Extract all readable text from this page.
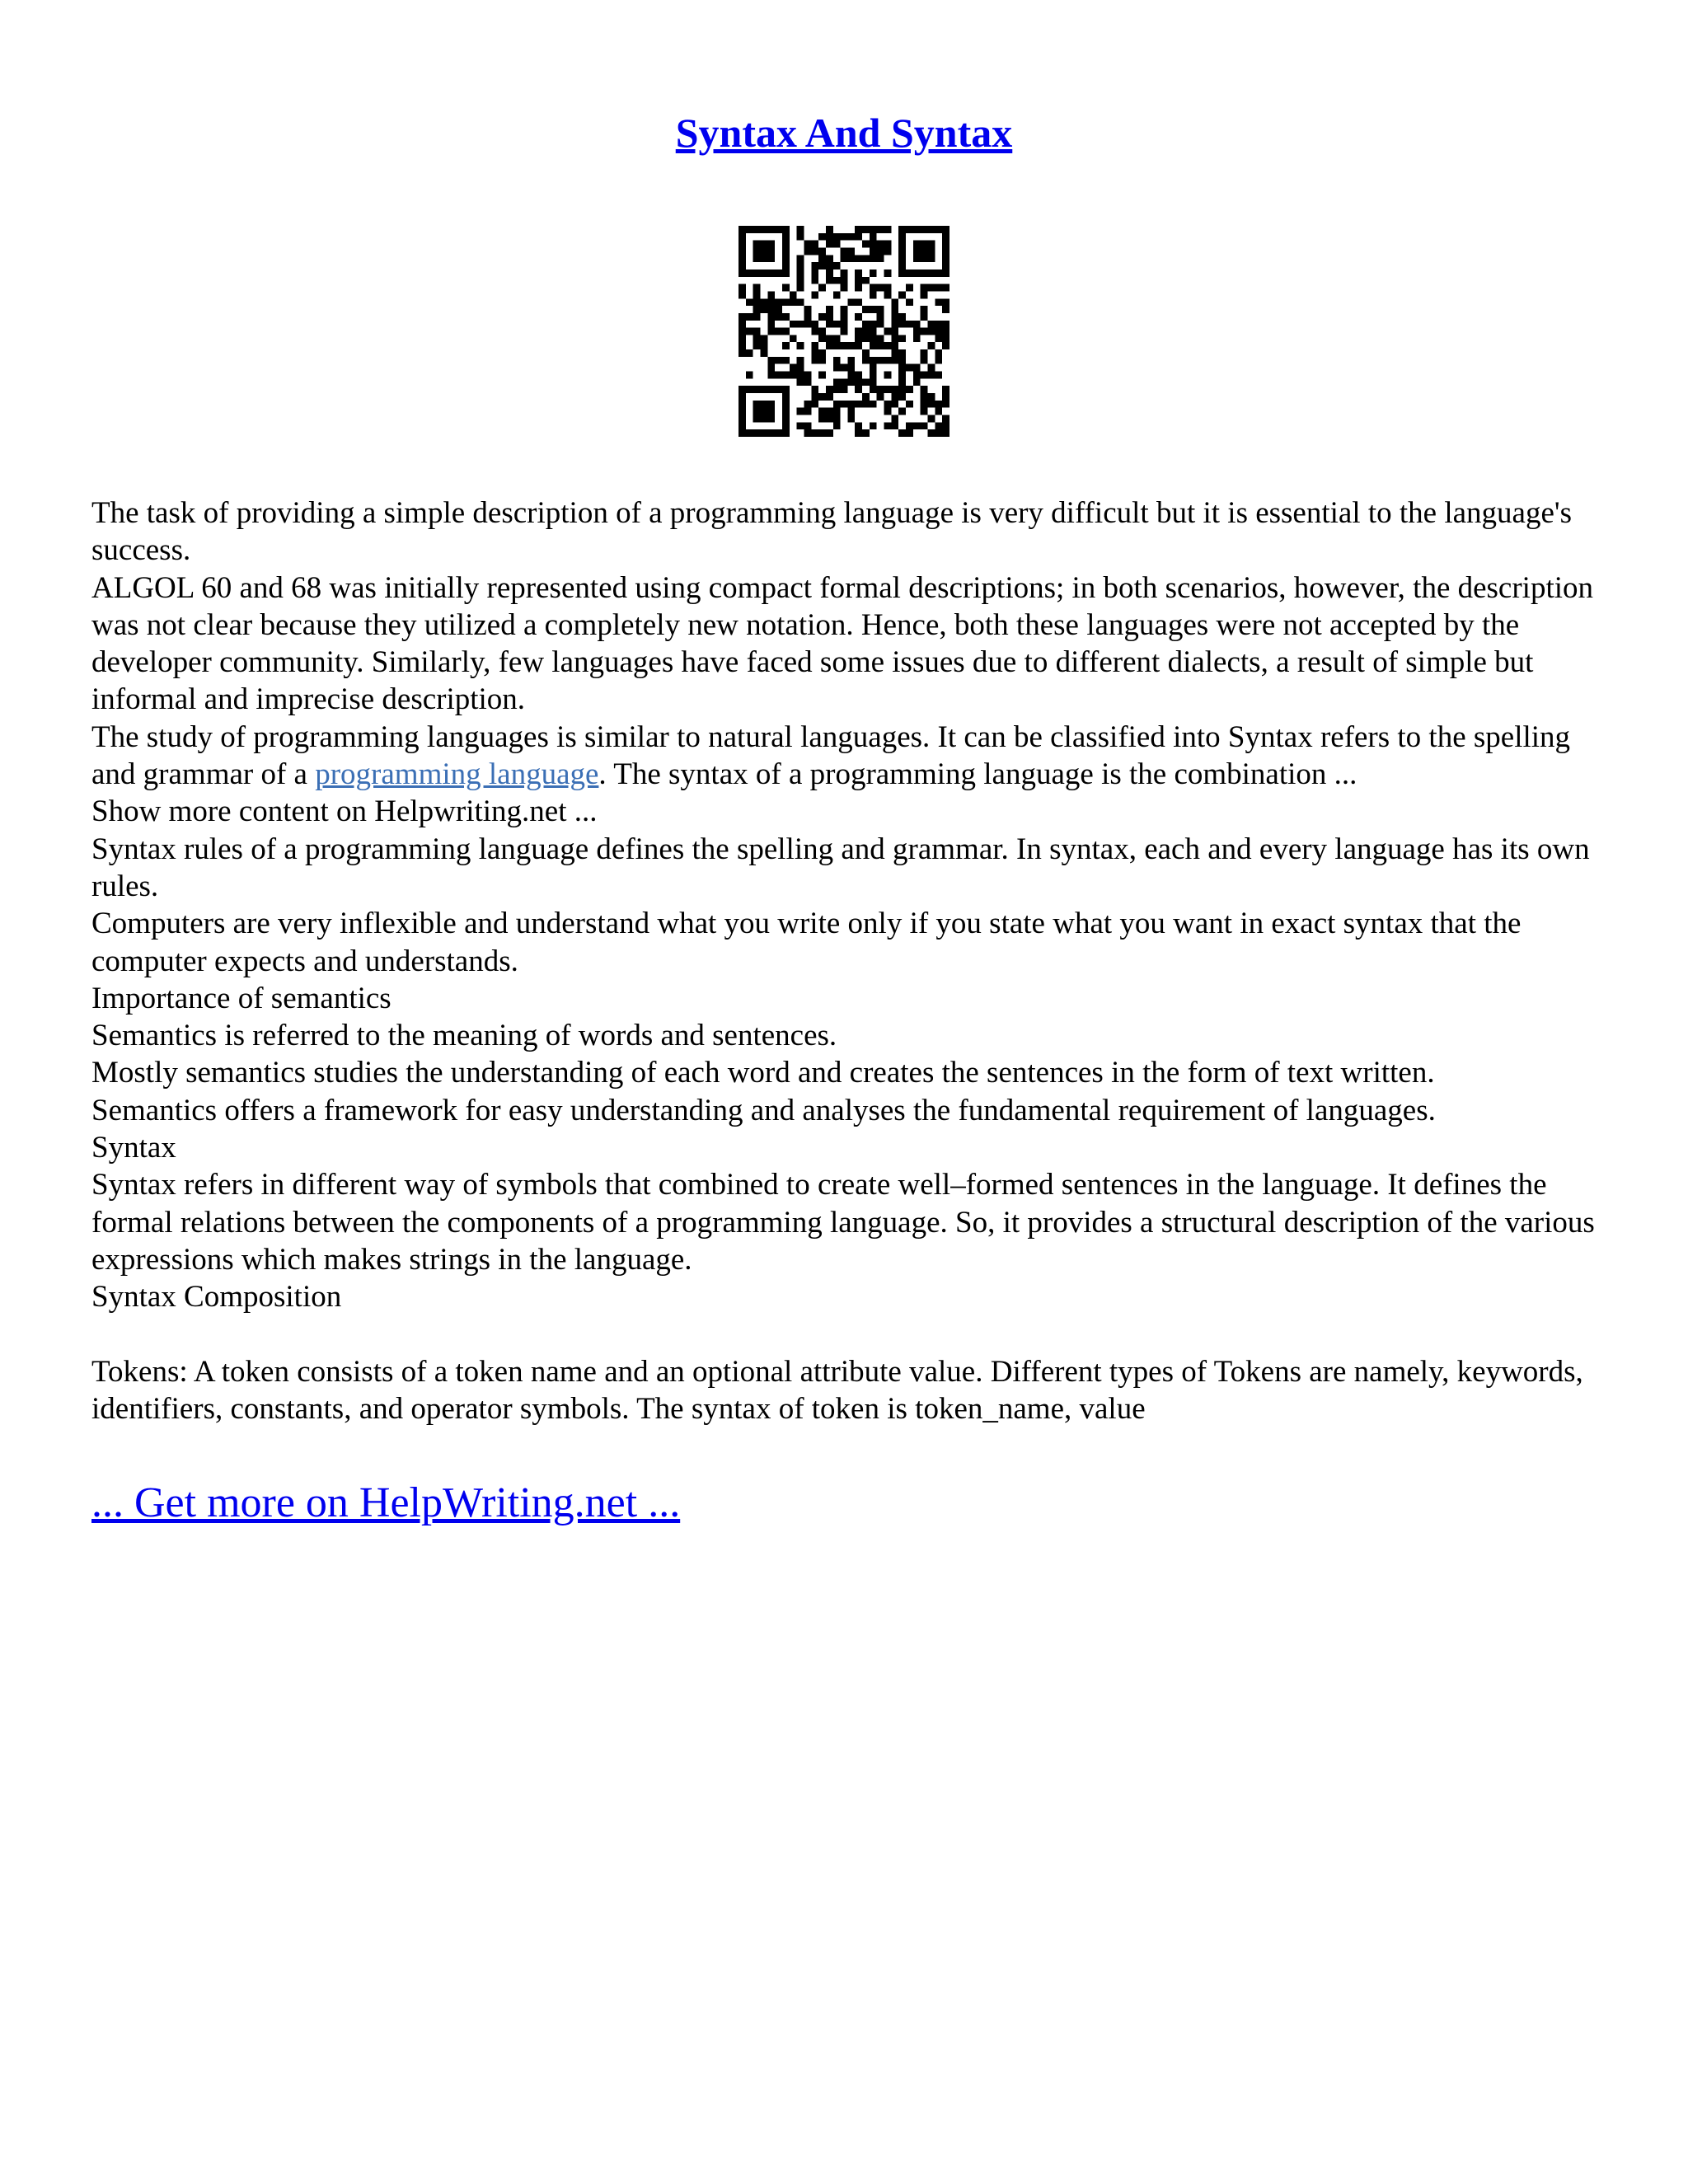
Syntax And Syntax

The task of providing a simple description of a programming language is very difficult but it is essential to the language's success.

ALGOL 60 and 68 was initially represented using compact formal descriptions; in both scenarios, however, the description was not clear because they utilized a completely new notation. Hence, both these languages were not accepted by the developer community. Similarly, few languages have faced some issues due to different dialects, a result of simple but informal and imprecise description.

The study of programming languages is similar to natural languages. It can be classified into Syntax refers to the spelling and grammar of a programming language. The syntax of a programming language is the combination ...

Show more content on Helpwriting.net ...

Syntax rules of a programming language defines the spelling and grammar. In syntax, each and every language has its own rules.

Computers are very inflexible and understand what you write only if you state what you want in exact syntax that the computer expects and understands.

Importance of semantics

Semantics is referred to the meaning of words and sentences.

Mostly semantics studies the understanding of each word and creates the sentences in the form of text written.

Semantics offers a framework for easy understanding and analyses the fundamental requirement of languages.

Syntax

Syntax refers in different way of symbols that combined to create well–formed sentences in the language. It defines the formal relations between the components of a programming language. So, it provides a structural description of the various expressions which makes strings in the language.

Syntax Composition

Tokens: A token consists of a token name and an optional attribute value. Different types of Tokens are namely, keywords, identifiers, constants, and operator symbols. The syntax of token is token_name, value

... Get more on HelpWriting.net ...
